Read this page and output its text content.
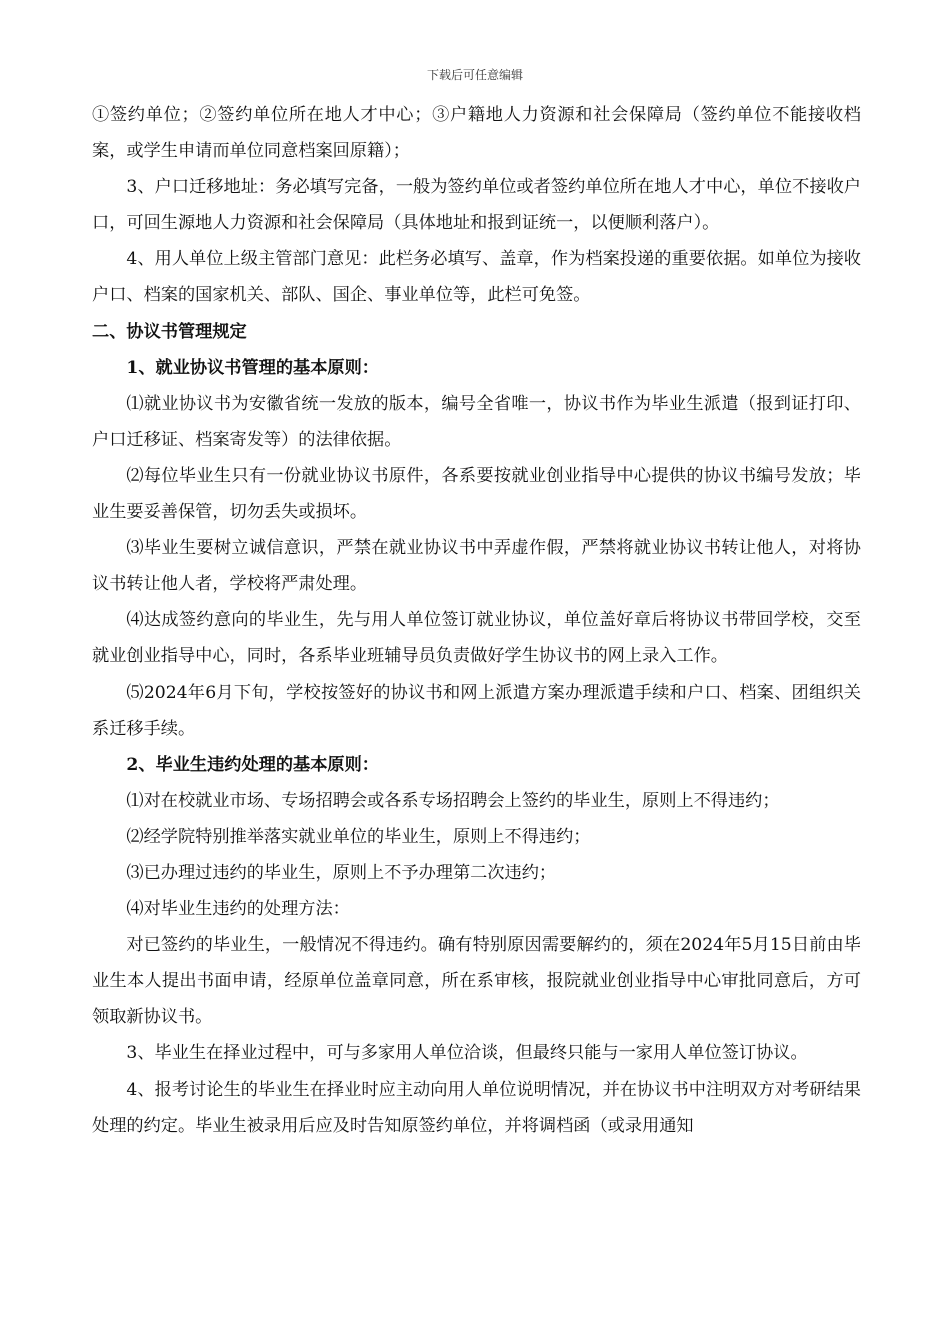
下载后可任意编辑

①签约单位；②签约单位所在地人才中心；③户籍地人力资源和社会保障局（签约单位不能接收档案，或学生申请而单位同意档案回原籍）；

3、户口迁移地址：务必填写完备，一般为签约单位或者签约单位所在地人才中心，单位不接收户口，可回生源地人力资源和社会保障局（具体地址和报到证统一，以便顺利落户）。

4、用人单位上级主管部门意见：此栏务必填写、盖章，作为档案投递的重要依据。如单位为接收户口、档案的国家机关、部队、国企、事业单位等，此栏可免签。

二、协议书管理规定

1、就业协议书管理的基本原则：

⑴就业协议书为安徽省统一发放的版本，编号全省唯一，协议书作为毕业生派遣（报到证打印、户口迁移证、档案寄发等）的法律依据。

⑵每位毕业生只有一份就业协议书原件，各系要按就业创业指导中心提供的协议书编号发放；毕业生要妥善保管，切勿丢失或损坏。

⑶毕业生要树立诚信意识，严禁在就业协议书中弄虚作假，严禁将就业协议书转让他人，对将协议书转让他人者，学校将严肃处理。

⑷达成签约意向的毕业生，先与用人单位签订就业协议，单位盖好章后将协议书带回学校，交至就业创业指导中心，同时，各系毕业班辅导员负责做好学生协议书的网上录入工作。

⑸2024年6月下旬，学校按签好的协议书和网上派遣方案办理派遣手续和户口、档案、团组织关系迁移手续。

2、毕业生违约处理的基本原则：

⑴对在校就业市场、专场招聘会或各系专场招聘会上签约的毕业生，原则上不得违约；

⑵经学院特别推举落实就业单位的毕业生，原则上不得违约；

⑶已办理过违约的毕业生，原则上不予办理第二次违约；

⑷对毕业生违约的处理方法：

对已签约的毕业生，一般情况不得违约。确有特别原因需要解约的，须在2024年5月15日前由毕业生本人提出书面申请，经原单位盖章同意，所在系审核，报院就业创业指导中心审批同意后，方可领取新协议书。

3、毕业生在择业过程中，可与多家用人单位洽谈，但最终只能与一家用人单位签订协议。

4、报考讨论生的毕业生在择业时应主动向用人单位说明情况，并在协议书中注明双方对考研结果处理的约定。毕业生被录用后应及时告知原签约单位，并将调档函（或录用通知
